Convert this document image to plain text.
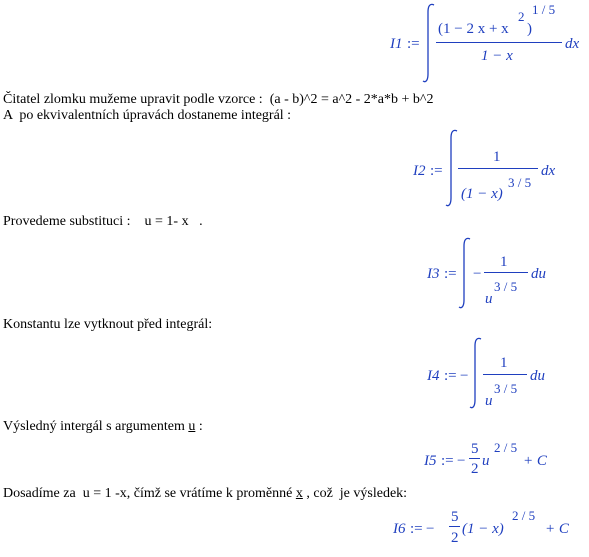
I1 :=
(1 − 2 x + x
2
)
1 / 5
1 − x
dx
Čitatel zlomku mužeme upravit podle vzorce :  (a - b)^2 = a^2 - 2*a*b + b^2
A  po ekvivalentních úpravách dostaneme integrál :
I2 :=
1
(1 − x)
3 / 5
dx
Provedeme substituci :    u = 1- x   .
I3 := −
1
u
3 / 5
du
Konstantu lze vytknout před integrál:
I4 := −
1
u
3 / 5
du
Výsledný intergál s argumentem u :
I5 := −
5
2 u
2 / 5
+ C
Dosadíme za  u = 1 -x, čímž se vrátíme k proměnné x , což  je výsledek:
I6 := −
5
2
(1 − x)
2 / 5
+ C
